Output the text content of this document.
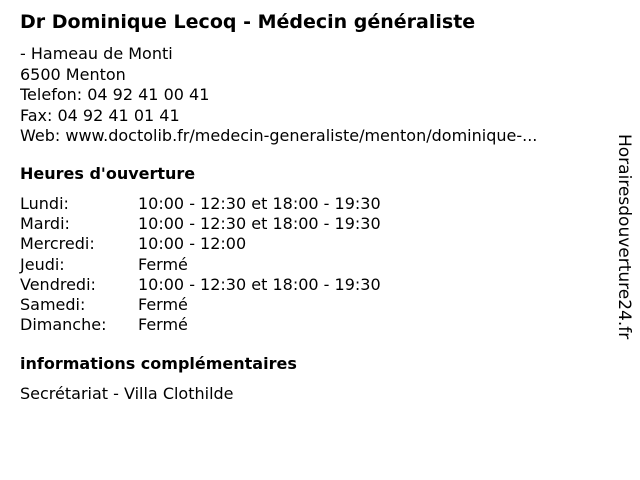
Dr Dominique Lecoq - Médecin généraliste
- Hameau de Monti
6500 Menton
Telefon: 04 92 41 00 41
Fax: 04 92 41 01 41
Web: www.doctolib.fr/medecin-generaliste/menton/dominique-...
Heures d'ouverture
Lundi:	10:00 - 12:30 et 18:00 - 19:30
Mardi:	10:00 - 12:30 et 18:00 - 19:30
Mercredi:	10:00 - 12:00
Jeudi:	Fermé
Vendredi:	10:00 - 12:30 et 18:00 - 19:30
Samedi:	Fermé
Dimanche:	Fermé
informations complémentaires
Secrétariat - Villa Clothilde
Horairesdouverture24.fr
